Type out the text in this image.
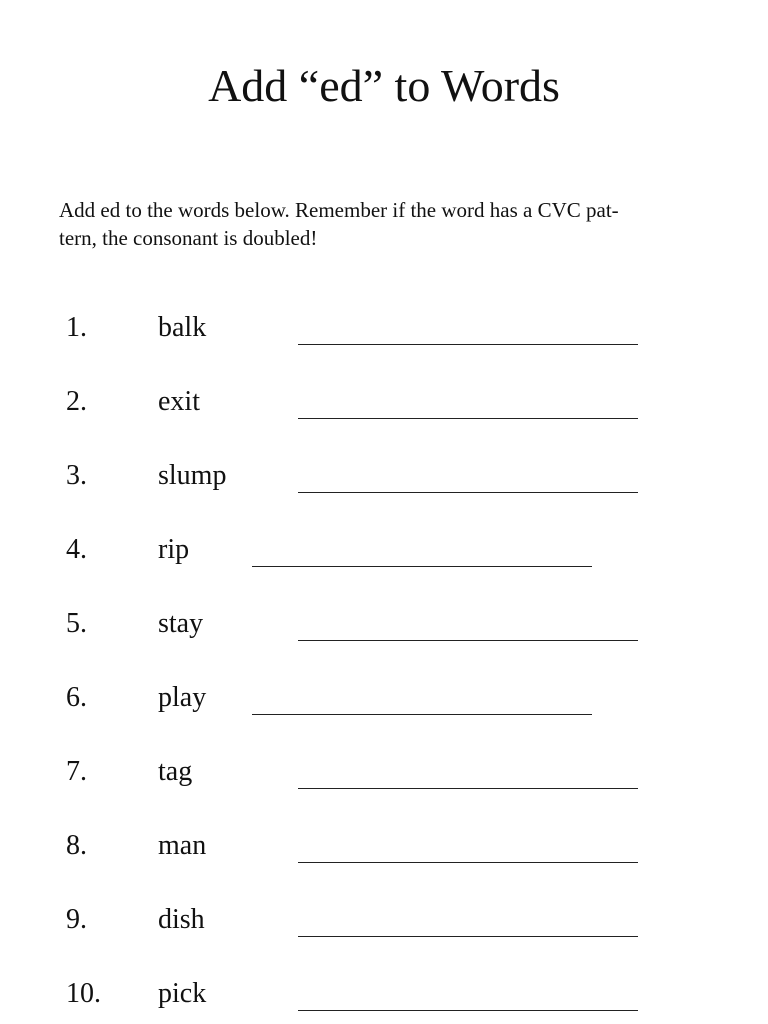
Add “ed” to Words

Add ed to the words below. Remember if the word has a CVC pat-
tern, the consonant is doubled!

1.	balk
2.	exit
3.	slump
4.	rip
5.	stay
6.	play
7.	tag
8.	man
9.	dish
10. pick
